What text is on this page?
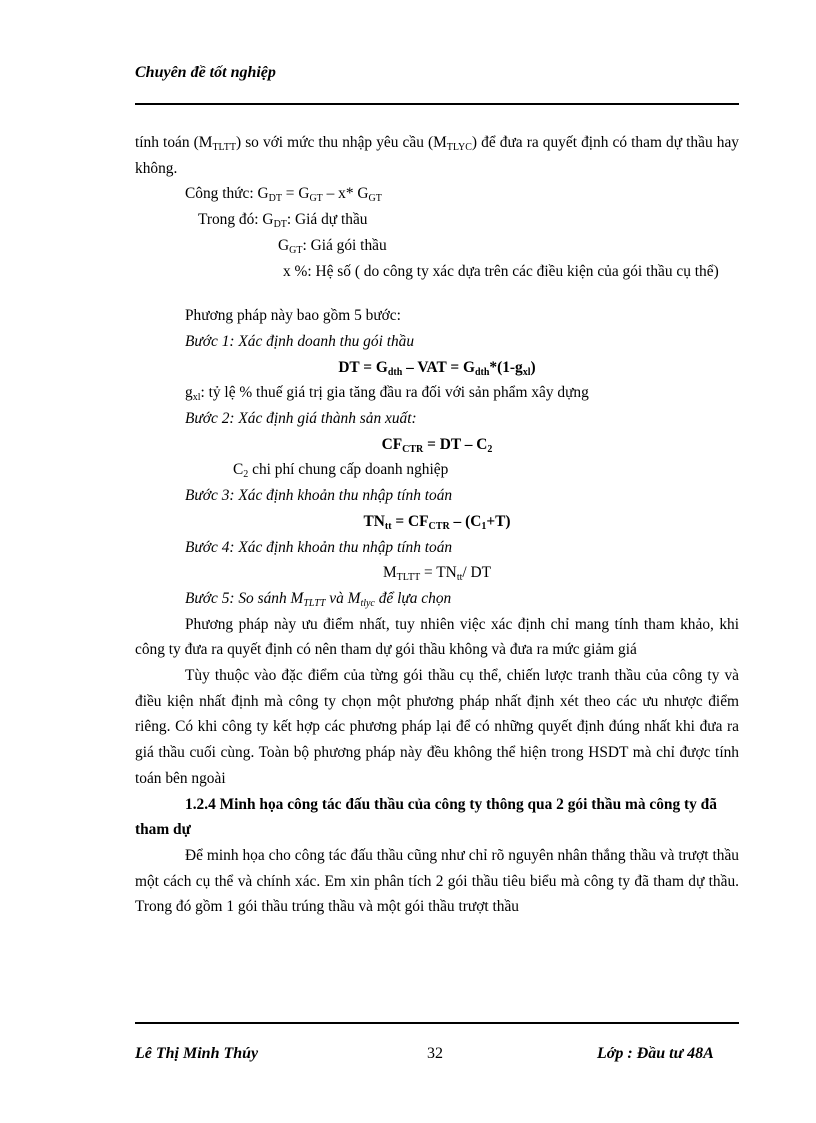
Chuyên đề tốt nghiệp

tính toán $(M_{TLTT})$ so với mức thu nhập yêu cầu $(M_{TLYC})$ để đưa ra quyết định có tham dự thầu hay không.

Công thức: $G_{DT} = G_{GT} - x*$ $G_{GT}$

Trong đó: $G_{DT}$: Giá dự thầu

$G_{GT}$: Giá gói thầu

x %: Hệ số ( do công ty xác dựa trên các điều kiện của gói thầu cụ thể)

Phương pháp này bao gồm 5 bước:

Bước 1: Xác định doanh thu gói thầu

DT = $G_{dth}$ – VAT = $G_{dth}*(1-g_{xl})$

$g_{xl}$: tỷ lệ % thuế giá trị gia tăng đầu ra đối với sản phẩm xây dựng

Bước 2: Xác định giá thành sản xuất:

$CF_{CTR}$ = DT – $C_2$

$C_2$ chi phí chung cấp doanh nghiệp

Bước 3: Xác định khoản thu nhập tính toán

$TN_{tt} = CF_{CTR} - (C_1+T)$

Bước 4: Xác định khoản thu nhập tính toán

$M_{TLTT} = TN_{tt}/$ DT

Bước 5: So sánh $M_{TLTT}$ và $M_{tlyc}$ để lựa chọn

Phương pháp này ưu điểm nhất, tuy nhiên việc xác định chỉ mang tính tham khảo, khi công ty đưa ra quyết định có nên tham dự gói thầu không và đưa ra mức giảm giá

Tùy thuộc vào đặc điểm của từng gói thầu cụ thể, chiến lược tranh thầu của công ty và điều kiện nhất định mà công ty chọn một phương pháp nhất định xét theo các ưu nhược điểm riêng. Có khi công ty kết hợp các phương pháp lại để có những quyết định đúng nhất khi đưa ra giá thầu cuối cùng. Toàn bộ phương pháp này đều không thể hiện trong HSDT mà chỉ được tính toán bên ngoài

1.2.4 Minh họa công tác đấu thầu của công ty thông qua 2 gói thầu mà công ty đã tham dự

Để minh họa cho công tác đấu thầu cũng như chỉ rõ nguyên nhân thắng thầu và trượt thầu một cách cụ thể và chính xác. Em xin phân tích 2 gói thầu tiêu biểu mà công ty đã tham dự thầu. Trong đó gồm 1 gói thầu trúng thầu và một gói thầu trượt thầu

Lê Thị Minh Thúy	32	Lớp : Đầu tư 48A
